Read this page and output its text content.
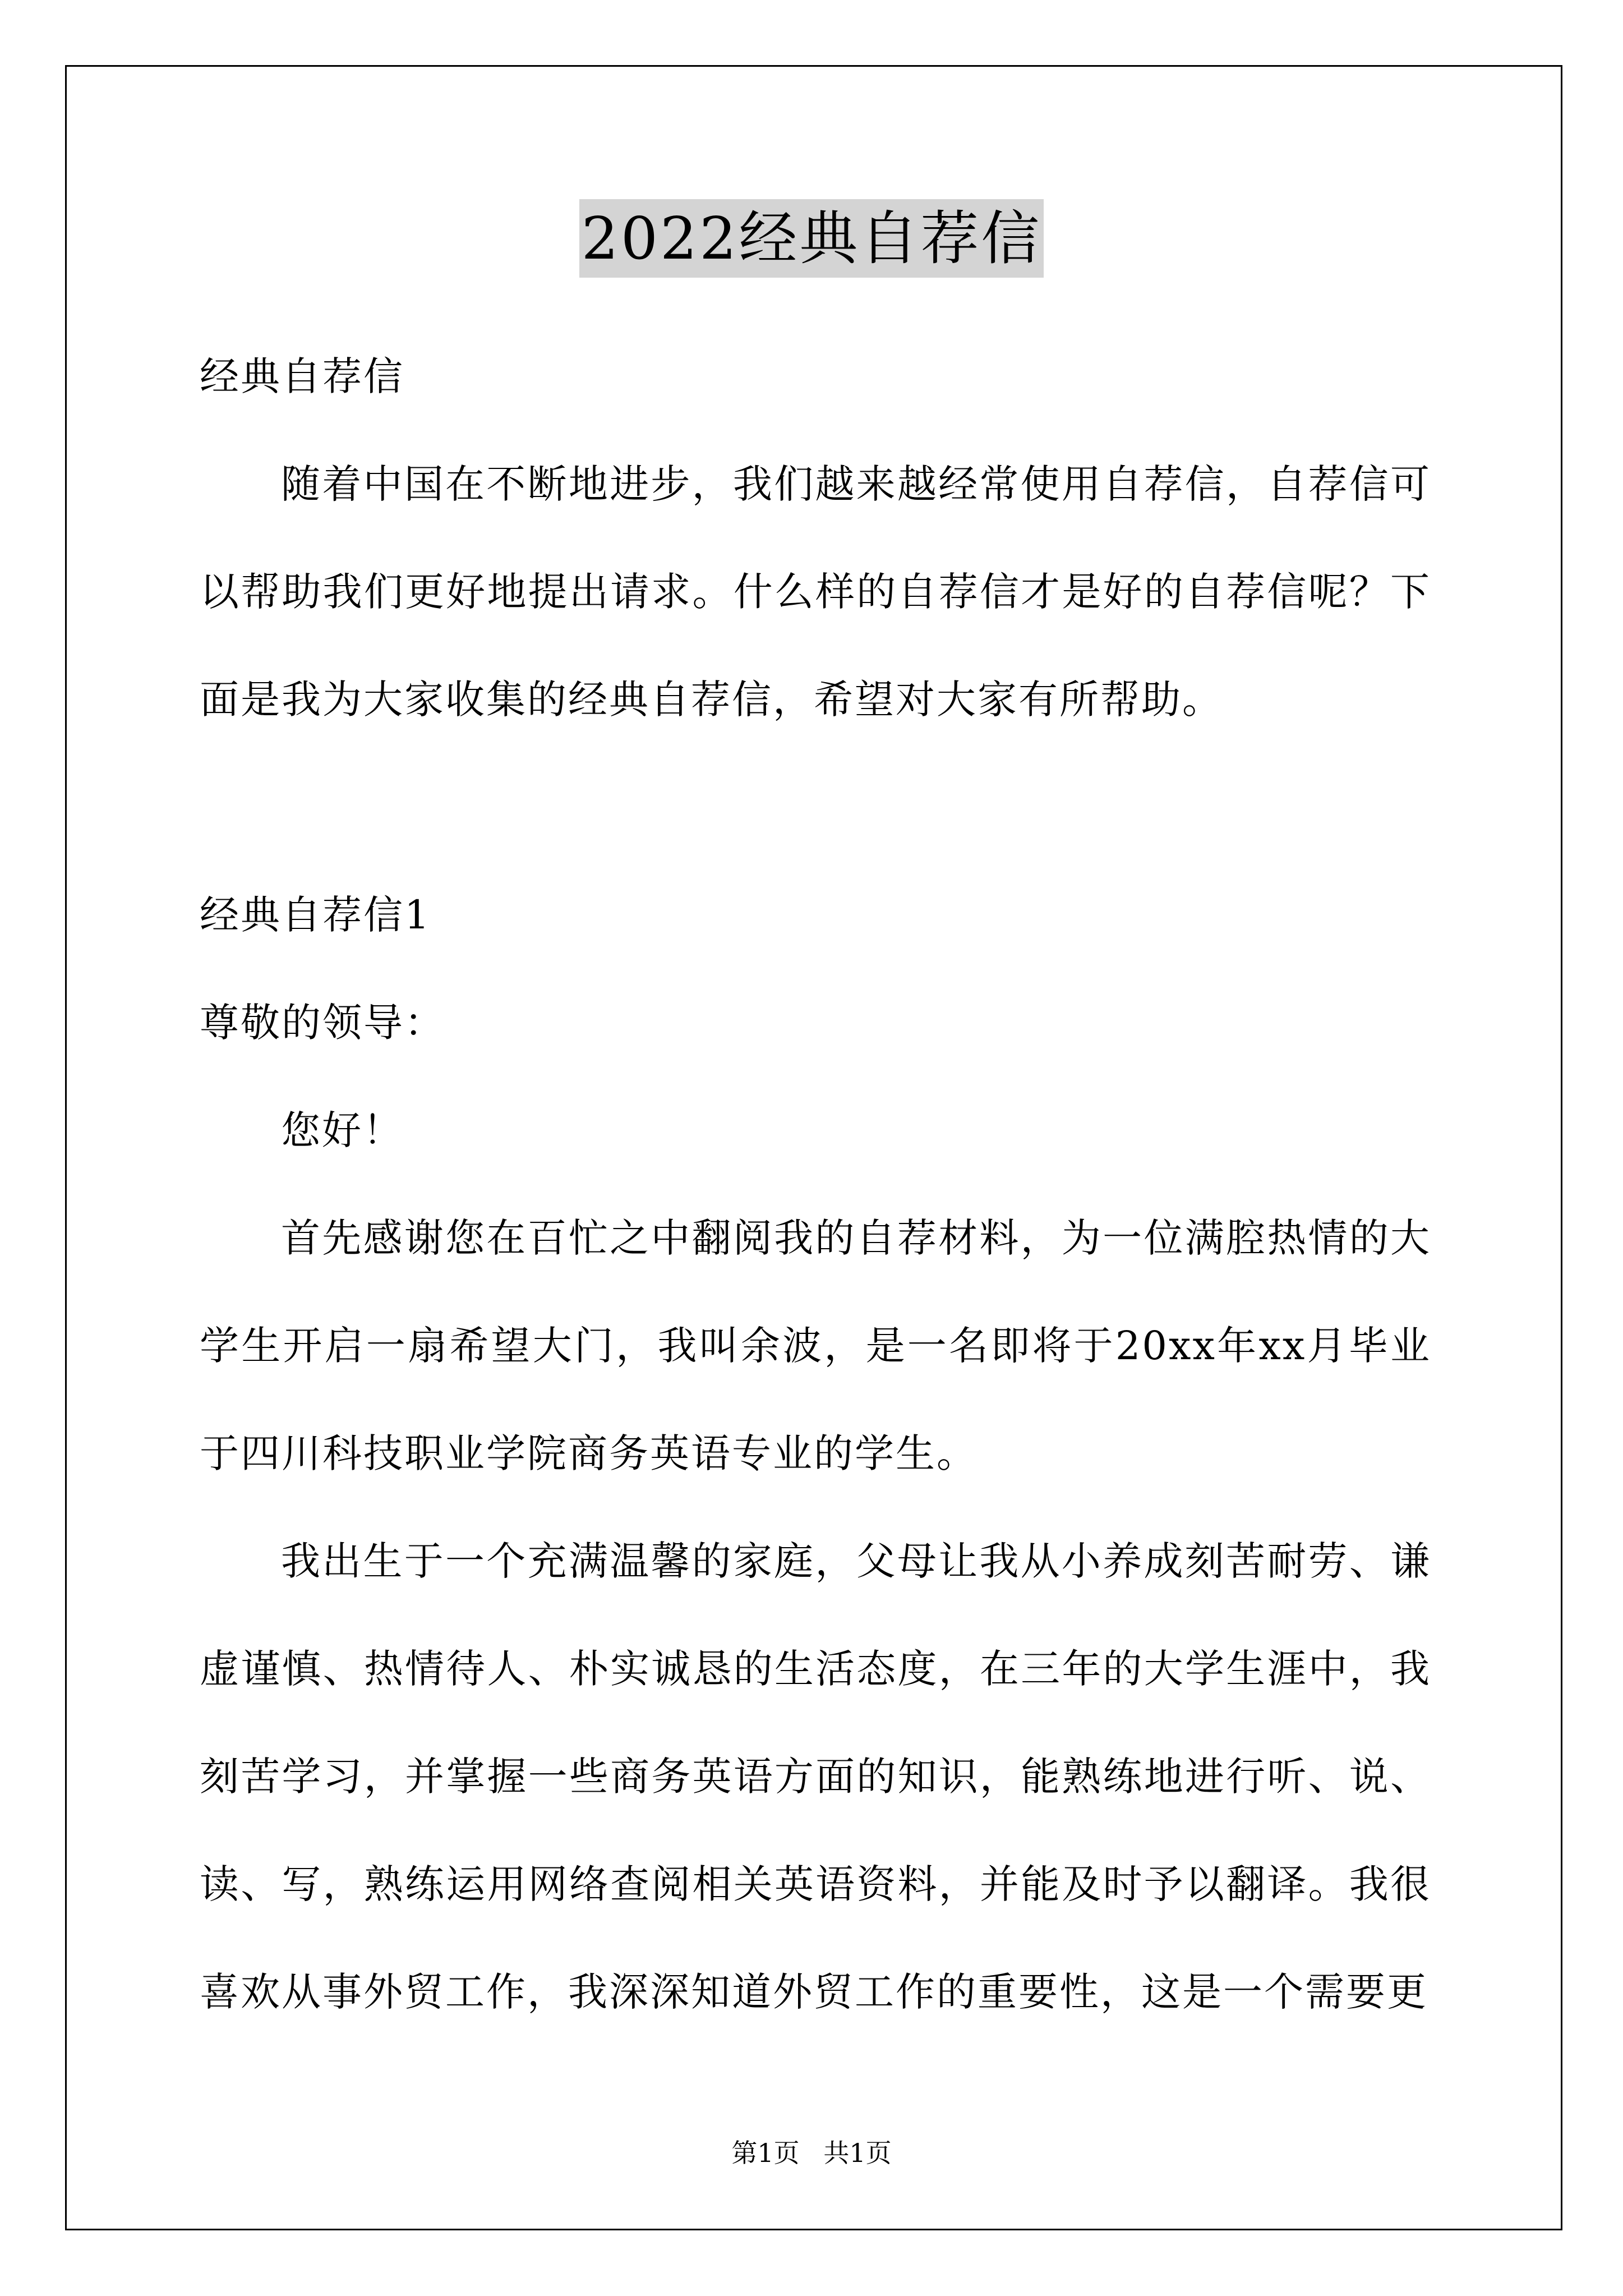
2022经典自荐信

经典自荐信

随着中国在不断地进步，我们越来越经常使用自荐信，自荐信可以帮助我们更好地提出请求。什么样的自荐信才是好的自荐信呢？下面是我为大家收集的经典自荐信，希望对大家有所帮助。

经典自荐信1

尊敬的领导：

您好！

首先感谢您在百忙之中翻阅我的自荐材料，为一位满腔热情的大学生开启一扇希望大门，我叫余波，是一名即将于20xx年xx月毕业于四川科技职业学院商务英语专业的学生。

我出生于一个充满温馨的家庭，父母让我从小养成刻苦耐劳、谦虚谨慎、热情待人、朴实诚恳的生活态度，在三年的大学生涯中，我刻苦学习，并掌握一些商务英语方面的知识，能熟练地进行听、说、读、写，熟练运用网络查阅相关英语资料，并能及时予以翻译。我很喜欢从事外贸工作，我深深知道外贸工作的重要性，这是一个需要更

第1页 共1页
